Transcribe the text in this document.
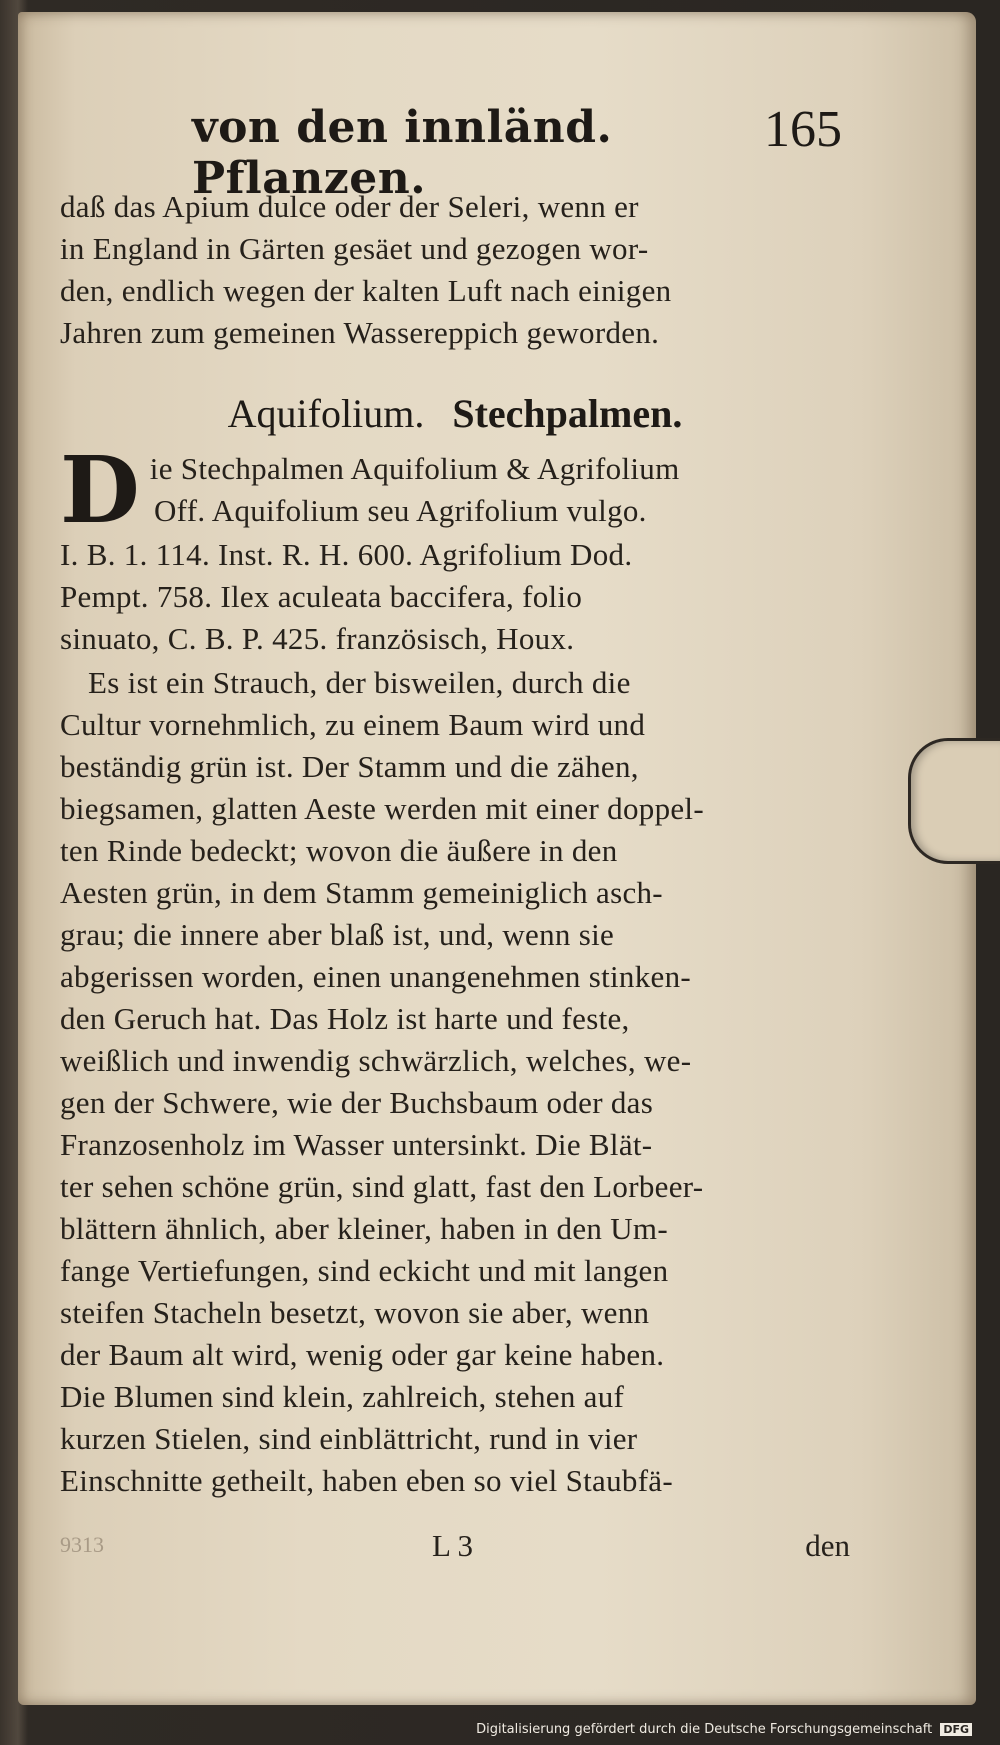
von den innländ. Pflanzen.
165
daß das Apium dulce oder der Seleri, wenn er
in England in Gärten gesäet und gezogen wor-
den, endlich wegen der kalten Luft nach einigen
Jahren zum gemeinen Wassereppich geworden.
Aquifolium. Stechpalmen.
D ie Stechpalmen Aquifolium & Agrifolium
Off. Aquifolium seu Agrifolium vulgo.
I. B. 1. 114. Inst. R. H. 600. Agrifolium Dod.
Pempt. 758. Ilex aculeata baccifera, folio
sinuato, C. B. P. 425. französisch, Houx.
Es ist ein Strauch, der bisweilen, durch die
Cultur vornehmlich, zu einem Baum wird und
beständig grün ist. Der Stamm und die zähen,
biegsamen, glatten Aeste werden mit einer doppel-
ten Rinde bedeckt; wovon die äußere in den
Aesten grün, in dem Stamm gemeiniglich asch-
grau; die innere aber blaß ist, und, wenn sie
abgerissen worden, einen unangenehmen stinken-
den Geruch hat. Das Holz ist harte und feste,
weißlich und inwendig schwärzlich, welches, we-
gen der Schwere, wie der Buchsbaum oder das
Franzosenholz im Wasser untersinkt. Die Blät-
ter sehen schöne grün, sind glatt, fast den Lorbeer-
blättern ähnlich, aber kleiner, haben in den Um-
fange Vertiefungen, sind eckicht und mit langen
steifen Stacheln besetzt, wovon sie aber, wenn
der Baum alt wird, wenig oder gar keine haben.
Die Blumen sind klein, zahlreich, stehen auf
kurzen Stielen, sind einblättricht, rund in vier
Einschnitte getheilt, haben eben so viel Staubfä-
9313	L 3	den
Digitalisierung gefördert durch die Deutsche Forschungsgemeinschaft DFG
